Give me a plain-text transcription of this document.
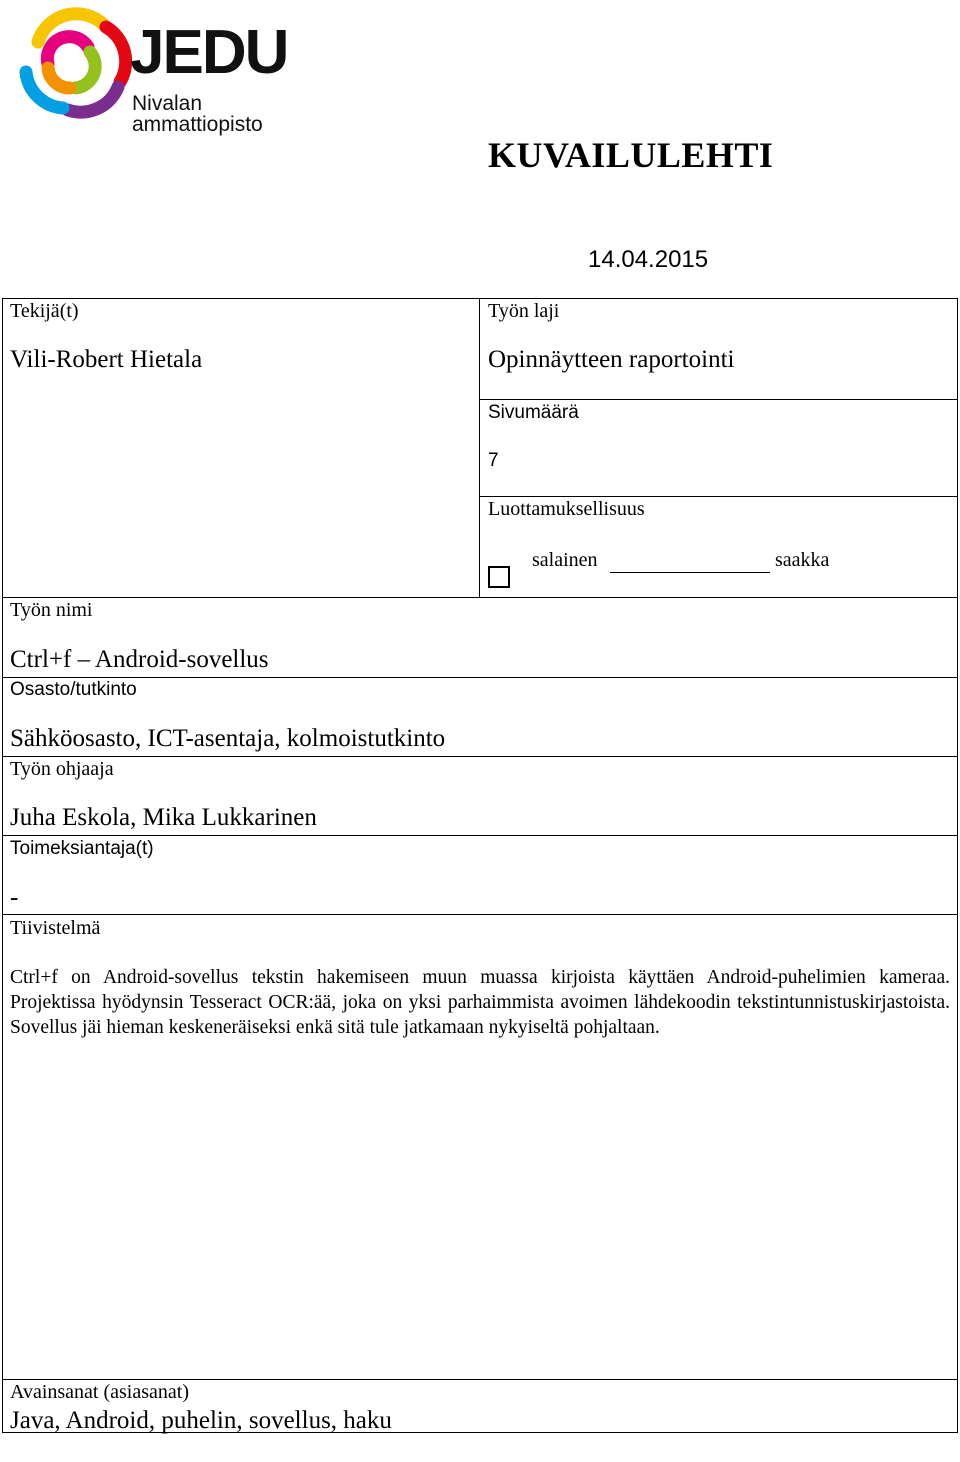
JEDU
Nivalan
ammattiopisto
KUVAILULEHTI
14.04.2015
Tekijä(t)
Vili-Robert Hietala
Työn laji
Opinnäytteen raportointi
Sivumäärä
7
Luottamuksellisuus
salainen	saakka
Työn nimi
Ctrl+f – Android-sovellus
Osasto/tutkinto
Sähköosasto, ICT-asentaja, kolmoistutkinto
Työn ohjaaja
Juha Eskola, Mika Lukkarinen
Toimeksiantaja(t)
-
Tiivistelmä
Ctrl+f on Android-sovellus tekstin hakemiseen muun muassa kirjoista käyttäen Android-puhelimien kameraa. Projektissa hyödynsin Tesseract OCR:ää, joka on yksi parhaimmista avoimen lähdekoodin tekstintunnistuskirjastoista. Sovellus jäi hieman keskeneräiseksi enkä sitä tule jatkamaan nykyiseltä pohjaltaan.
Avainsanat (asiasanat)
Java, Android, puhelin, sovellus, haku
